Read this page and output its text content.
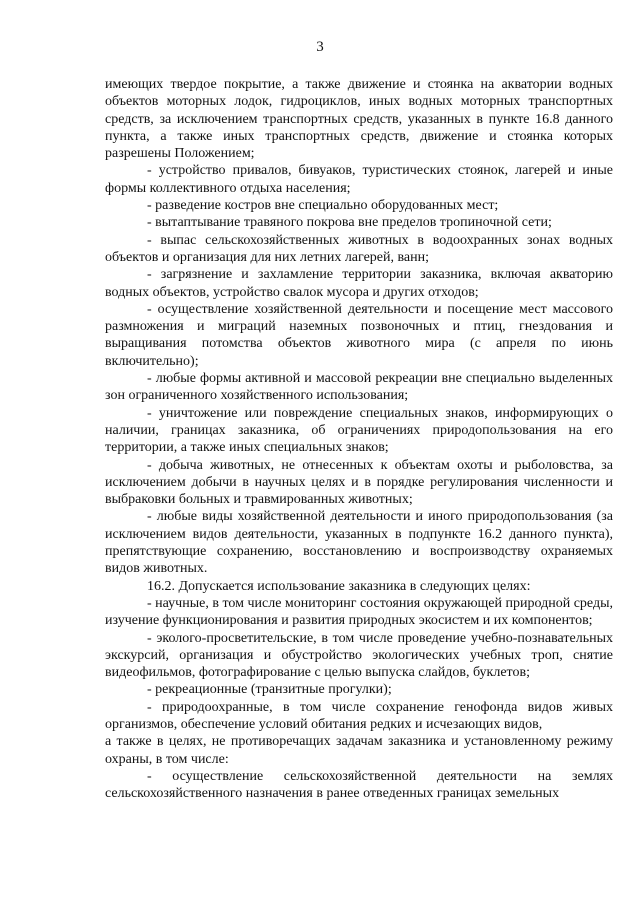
3

имеющих твердое покрытие, а также движение и стоянка на акватории водных объектов моторных лодок, гидроциклов, иных водных моторных транспортных средств, за исключением транспортных средств, указанных в пункте 16.8 данного пункта, а также иных транспортных средств, движение и стоянка которых разрешены Положением;

- устройство привалов, бивуаков, туристических стоянок, лагерей и иные формы коллективного отдыха населения;

- разведение костров вне специально оборудованных мест;

- вытаптывание травяного покрова вне пределов тропиночной сети;

- выпас сельскохозяйственных животных в водоохранных зонах водных объектов и организация для них летних лагерей, ванн;

- загрязнение и захламление территории заказника, включая акваторию водных объектов, устройство свалок мусора и других отходов;

- осуществление хозяйственной деятельности и посещение мест массового размножения и миграций наземных позвоночных и птиц, гнездования и выращивания потомства объектов животного мира (с апреля по июнь включительно);

- любые формы активной и массовой рекреации вне специально выделенных зон ограниченного хозяйственного использования;

- уничтожение или повреждение специальных знаков, информирующих о наличии, границах заказника, об ограничениях природопользования на его территории, а также иных специальных знаков;

- добыча животных, не отнесенных к объектам охоты и рыболовства, за исключением добычи в научных целях и в порядке регулирования численности и выбраковки больных и травмированных животных;

- любые виды хозяйственной деятельности и иного природопользования (за исключением видов деятельности, указанных в подпункте 16.2 данного пункта), препятствующие сохранению, восстановлению и воспроизводству охраняемых видов животных.

16.2. Допускается использование заказника в следующих целях:

- научные, в том числе мониторинг состояния окружающей природной среды, изучение функционирования и развития природных экосистем и их компонентов;

- эколого-просветительские, в том числе проведение учебно-познавательных экскурсий, организация и обустройство экологических учебных троп, снятие видеофильмов, фотографирование с целью выпуска слайдов, буклетов;

- рекреационные (транзитные прогулки);

- природоохранные, в том числе сохранение генофонда видов живых организмов, обеспечение условий обитания редких и исчезающих видов,

а также в целях, не противоречащих задачам заказника и установленному режиму охраны, в том числе:

- осуществление сельскохозяйственной деятельности на землях сельскохозяйственного назначения в ранее отведенных границах земельных
